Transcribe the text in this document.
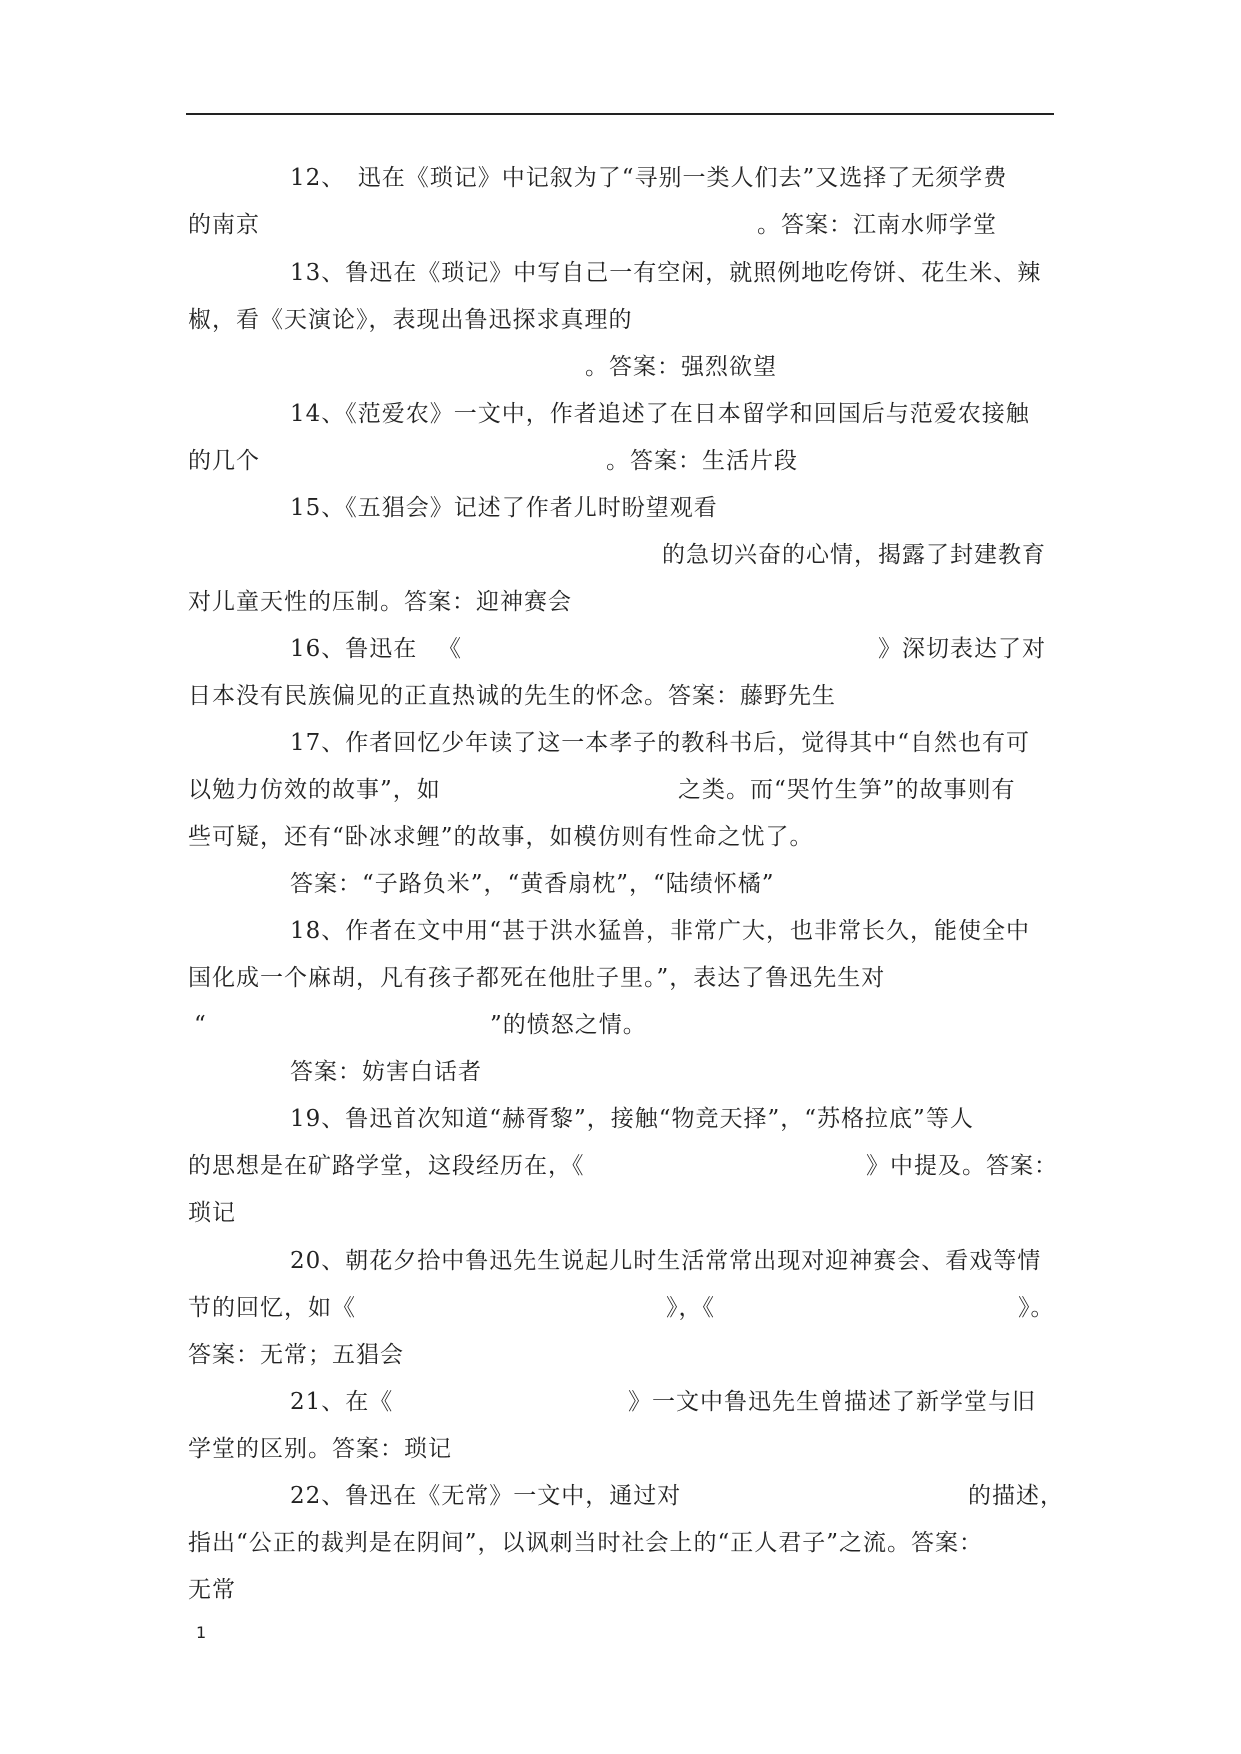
12、　迅在《琐记》中记叙为了“寻别一类人们去”又选择了无须学费
的南京	。答案：江南水师学堂
13、鲁迅在《琐记》中写自己一有空闲，就照例地吃侉饼、花生米、辣
椒，看《天演论》，表现出鲁迅探求真理的
。答案：强烈欲望
14、《范爱农》一文中，作者追述了在日本留学和回国后与范爱农接触
的几个	。答案：生活片段
15、《五猖会》记述了作者儿时盼望观看
的急切兴奋的心情，揭露了封建教育
对儿童天性的压制。答案：迎神赛会
16、鲁迅在 《	》深切表达了对
日本没有民族偏见的正直热诚的先生的怀念。答案：藤野先生
17、作者回忆少年读了这一本孝子的教科书后，觉得其中“自然也有可
以勉力仿效的故事”，如	之类。而“哭竹生笋”的故事则有
些可疑，还有“卧冰求鲤”的故事，如模仿则有性命之忧了。
答案：“子路负米”，“黄香扇枕”，“陆绩怀橘”
18、作者在文中用“甚于洪水猛兽，非常广大，也非常长久，能使全中
国化成一个麻胡，凡有孩子都死在他肚子里。”，表达了鲁迅先生对
“	”的愤怒之情。
答案：妨害白话者
19、鲁迅首次知道“赫胥黎”，接触“物竞天择”，“苏格拉底”等人
的思想是在矿路学堂，这段经历在，《	》中提及。答案：
琐记
20、朝花夕拾中鲁迅先生说起儿时生活常常出现对迎神赛会、看戏等情
节的回忆，如《	》，《	》。
答案：无常；五猖会
21、在《	》一文中鲁迅先生曾描述了新学堂与旧
学堂的区别。答案：琐记
22、鲁迅在《无常》一文中，通过对	的描述，
指出“公正的裁判是在阴间”，以讽刺当时社会上的“正人君子”之流。答案：
无常
1
